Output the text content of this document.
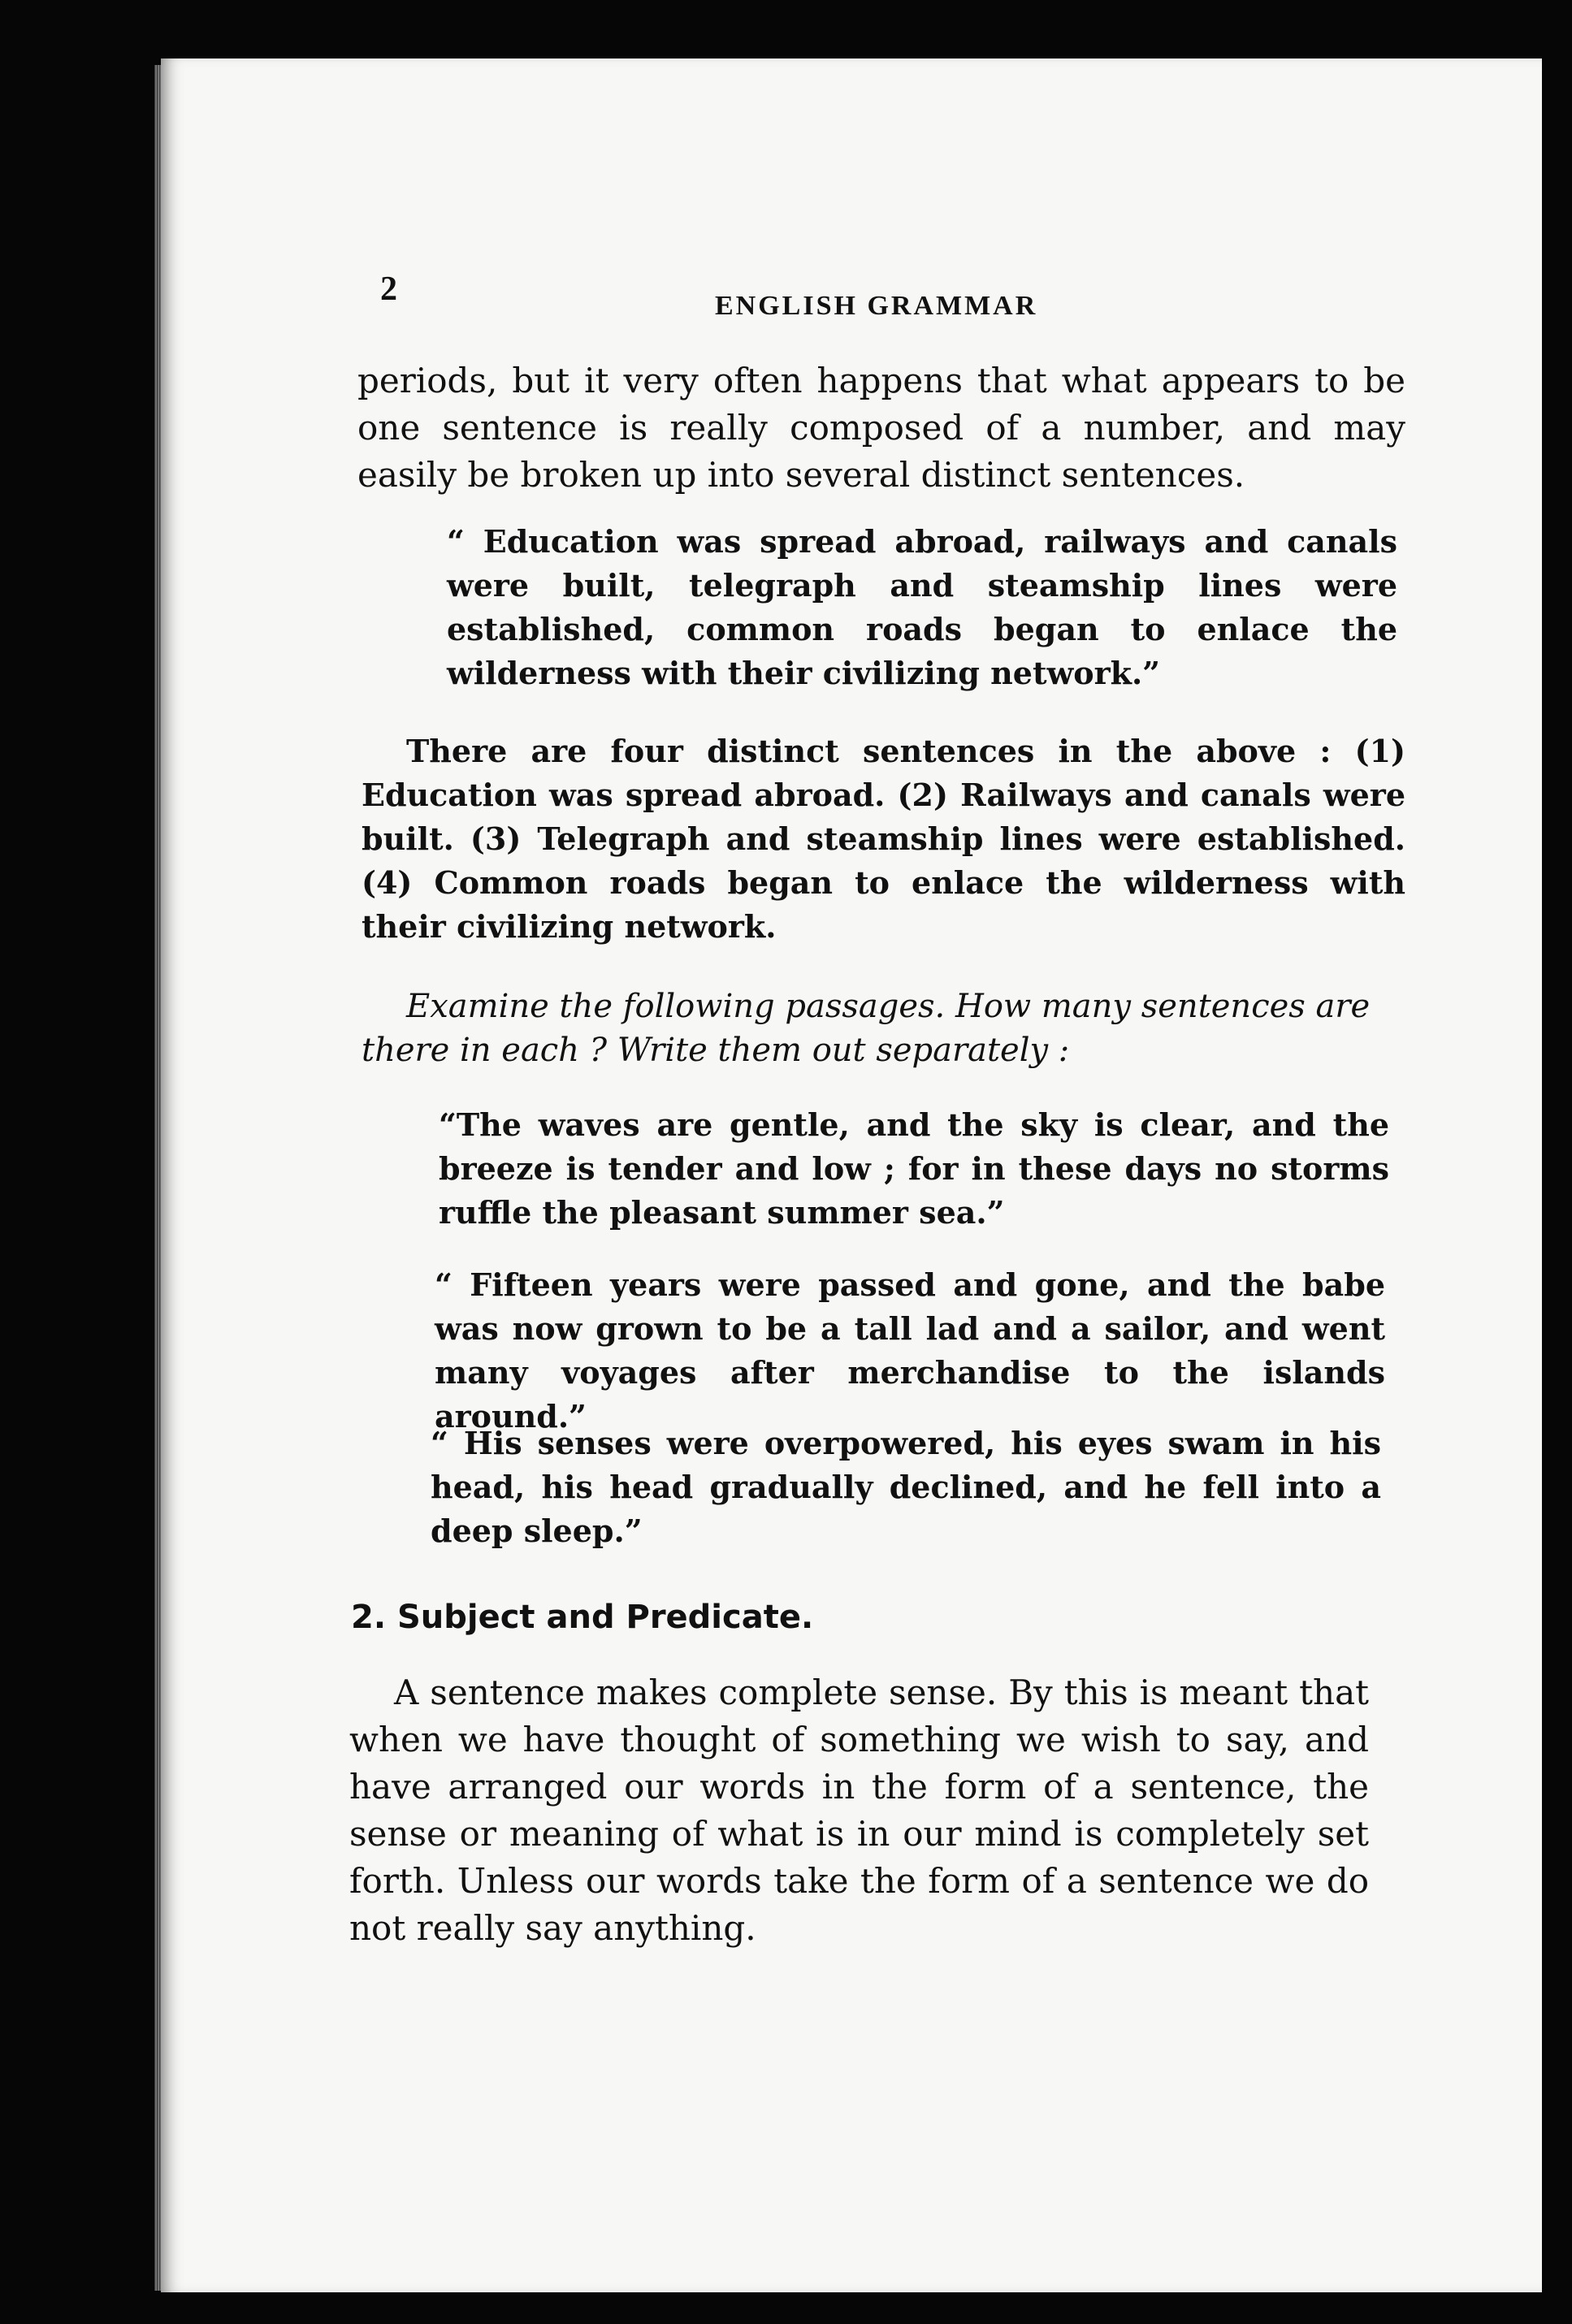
2	ENGLISH GRAMMAR

periods, but it very often happens that what appears to be one sentence is really composed of a number, and may easily be broken up into several distinct sentences.

“ Education was spread abroad, railways and canals were built, telegraph and steamship lines were established, common roads began to enlace the wilderness with their civilizing network.”

There are four distinct sentences in the above : (1) Education was spread abroad. (2) Railways and canals were built. (3) Telegraph and steamship lines were established. (4) Common roads began to enlace the wilderness with their civilizing network.

Examine the following passages. How many sentences are there in each ? Write them out separately :

“The waves are gentle, and the sky is clear, and the breeze is tender and low ; for in these days no storms ruffle the pleasant summer sea.”

“ Fifteen years were passed and gone, and the babe was now grown to be a tall lad and a sailor, and went many voyages after merchandise to the islands around.”

“ His senses were overpowered, his eyes swam in his head, his head gradually declined, and he fell into a deep sleep.”

2. Subject and Predicate.

A sentence makes complete sense. By this is meant that when we have thought of something we wish to say, and have arranged our words in the form of a sentence, the sense or meaning of what is in our mind is completely set forth. Unless our words take the form of a sentence we do not really say anything.
